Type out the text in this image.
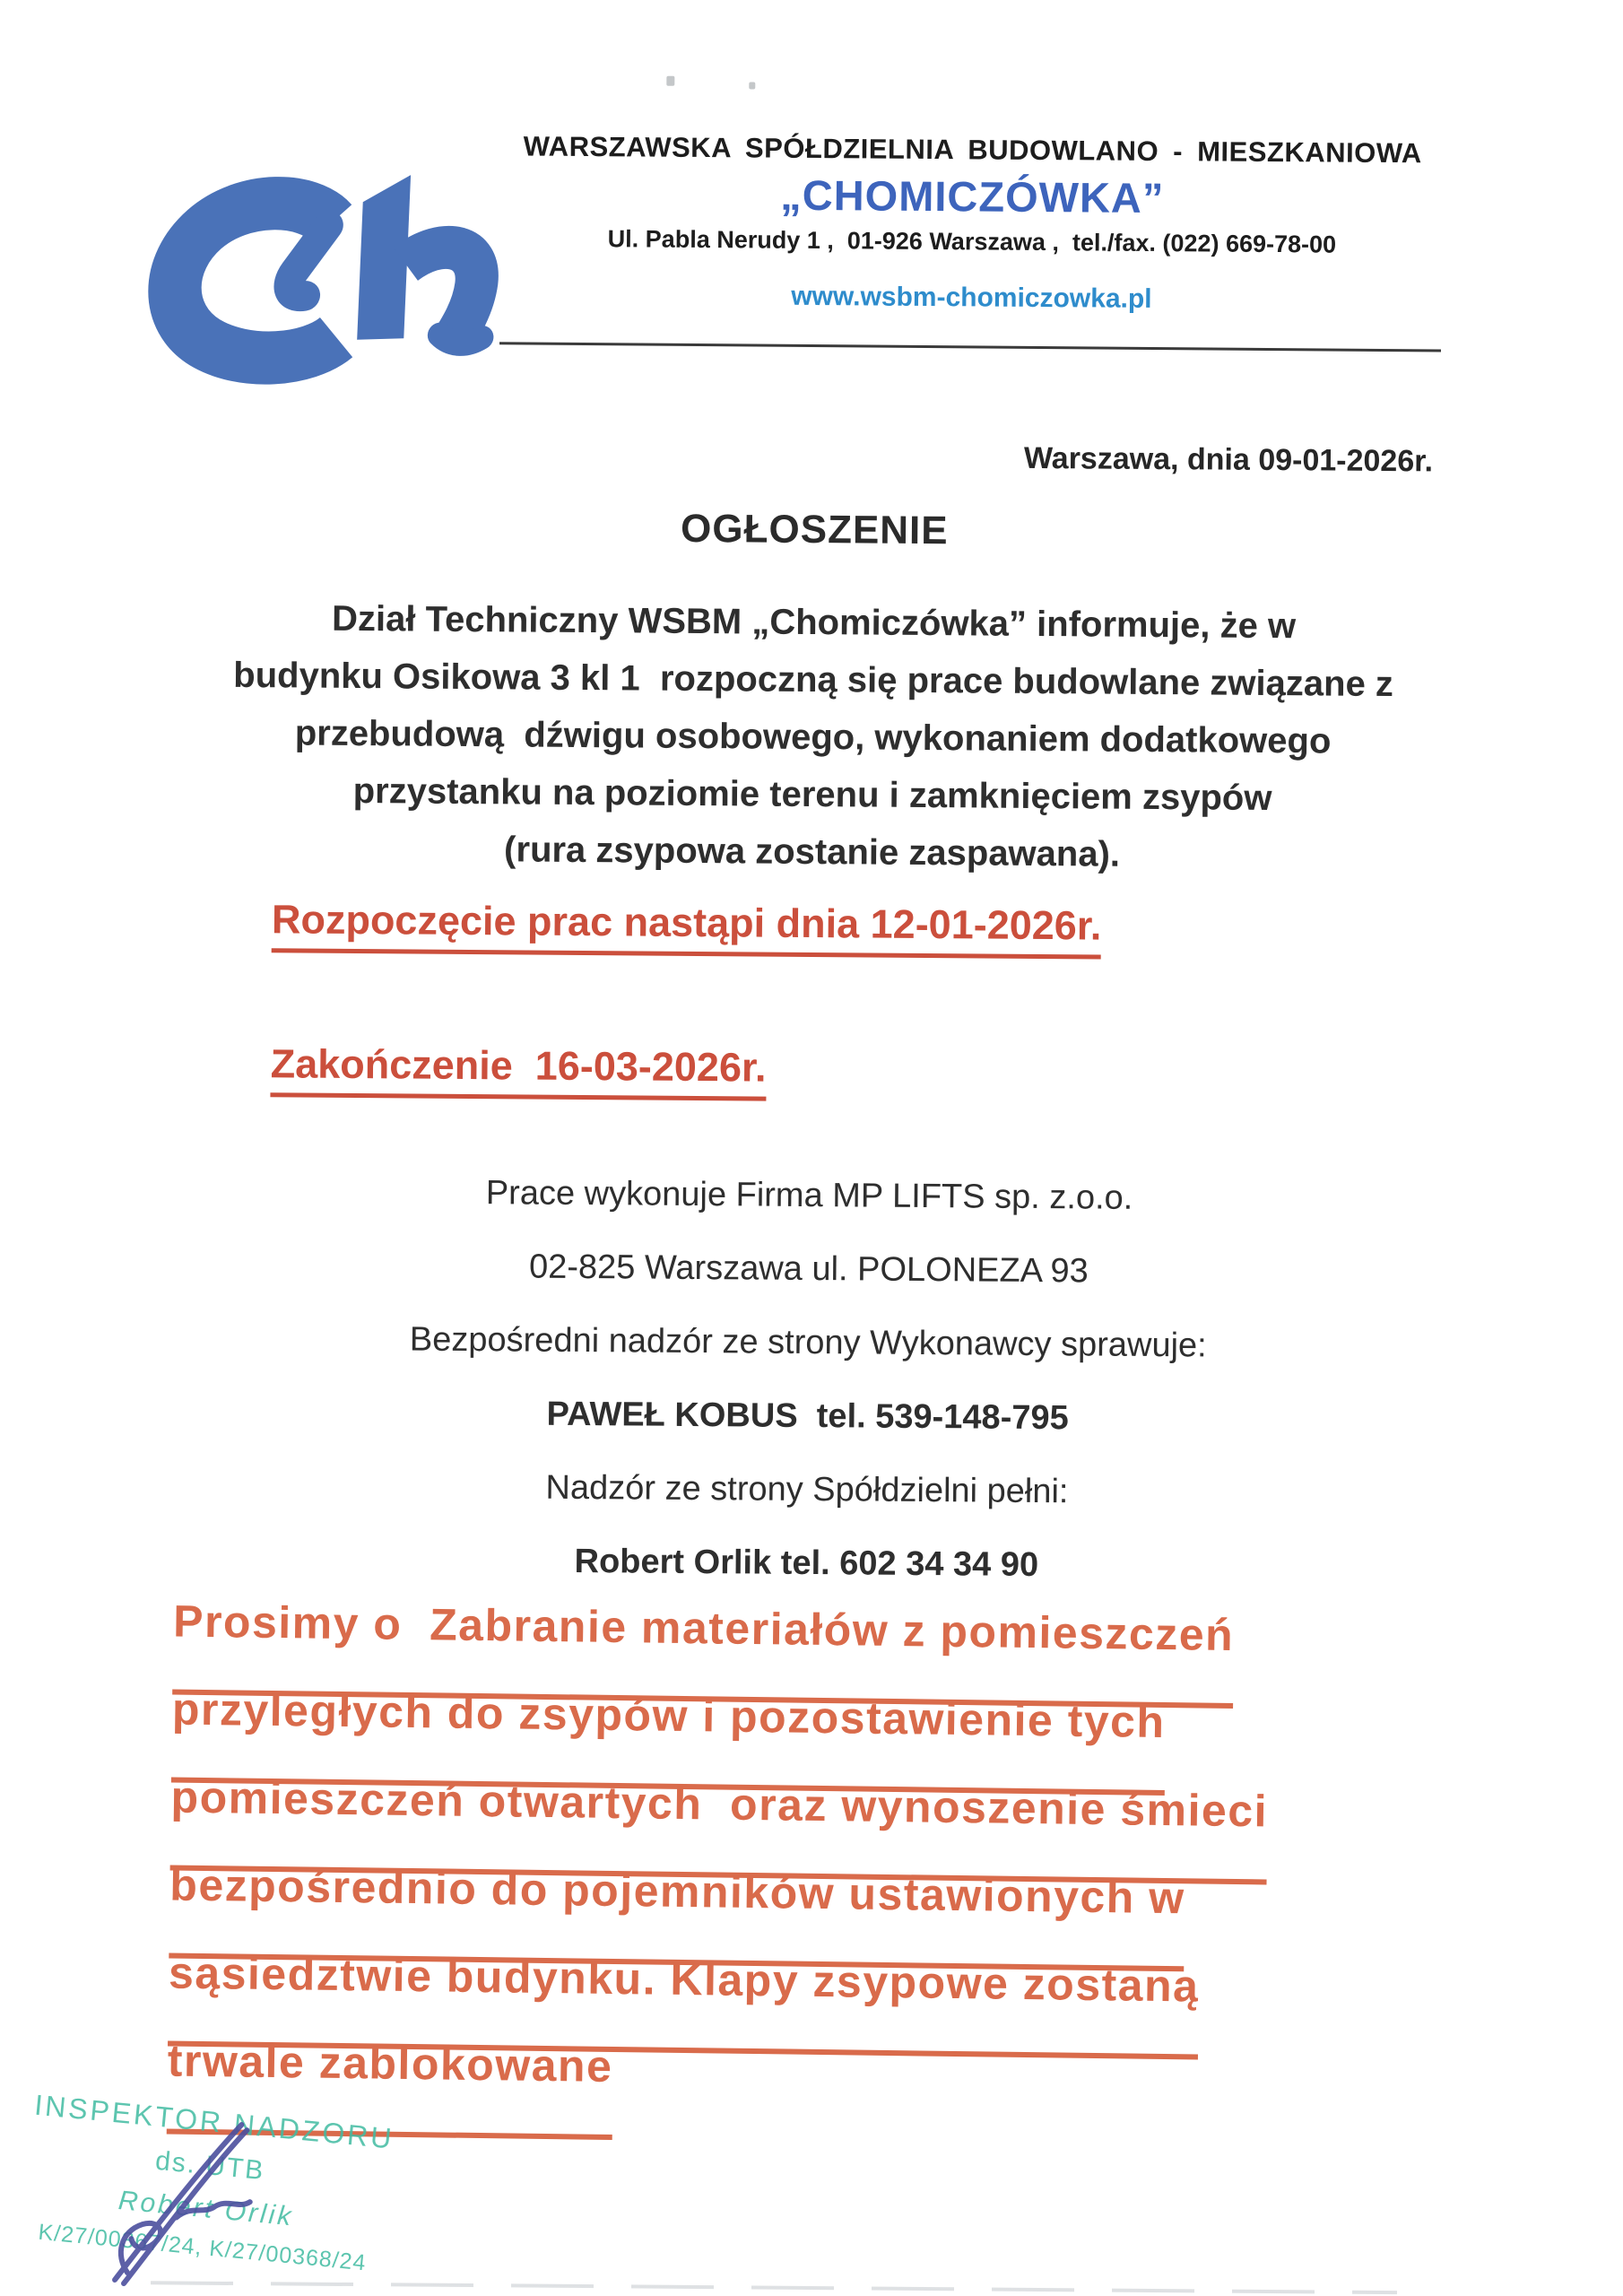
WARSZAWSKA SPÓŁDZIELNIA BUDOWLANO - MIESZKANIOWA
„CHOMICZÓWKA”
Ul. Pabla Nerudy 1 ,  01-926 Warszawa ,  tel./fax. (022) 669-78-00
www.wsbm-chomiczowka.pl
Warszawa, dnia 09-01-2026r.
OGŁOSZENIE
Dział Techniczny WSBM „Chomiczówka” informuje, że w
budynku Osikowa 3 kl 1  rozpoczną się prace budowlane związane z
przebudową  dźwigu osobowego, wykonaniem dodatkowego
przystanku na poziomie terenu i zamknięciem zsypów
(rura zsypowa zostanie zaspawana).
Rozpoczęcie prac nastąpi dnia 12-01-2026r.
Zakończenie  16-03-2026r.
Prace wykonuje Firma MP LIFTS sp. z.o.o.
02-825 Warszawa ul. POLONEZA 93
Bezpośredni nadzór ze strony Wykonawcy sprawuje:
PAWEŁ KOBUS  tel. 539-148-795
Nadzór ze strony Spółdzielni pełni:
Robert Orlik tel. 602 34 34 90
Prosimy o  Zabranie materiałów z pomieszczeń
przyległych do zsypów i pozostawienie tych
pomieszczeń otwartych  oraz wynoszenie śmieci
bezpośrednio do pojemników ustawionych w
sąsiedztwie budynku. Klapy zsypowe zostaną
trwale zablokowane
INSPEKTOR NADZORU
ds. UTB
Robert Orlik
K/27/00367/24, K/27/00368/24
